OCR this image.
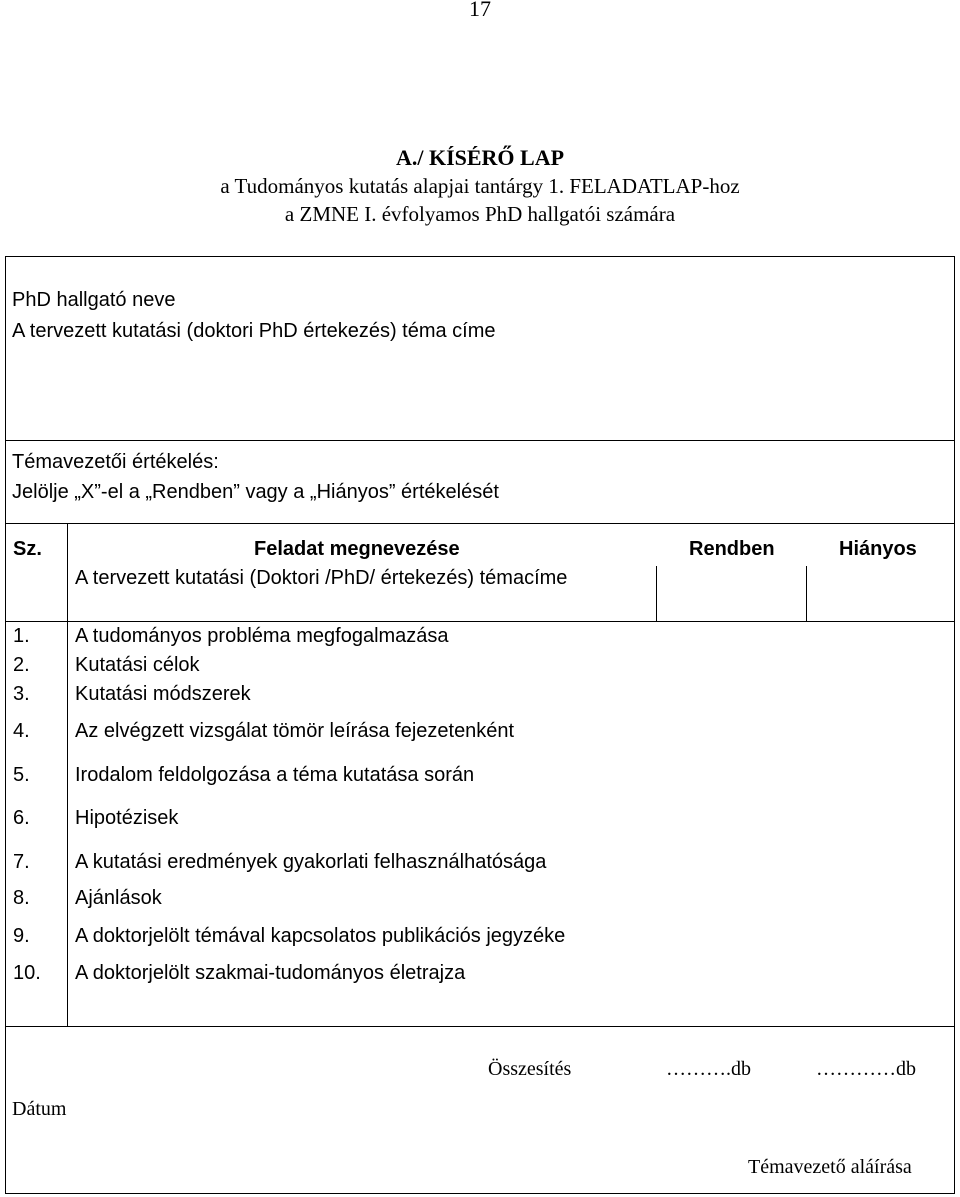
17
A./ KÍSÉRŐ LAP
a Tudományos kutatás alapjai tantárgy 1. FELADATLAP-hoz
a ZMNE I. évfolyamos PhD hallgatói számára
PhD hallgató neve
A tervezett kutatási (doktori PhD értekezés) téma címe
Témavezetői értékelés:
Jelölje „X”-el a „Rendben” vagy a „Hiányos” értékelését
Sz.	Feladat megnevezése	Rendben	Hiányos
A tervezett kutatási (Doktori /PhD/ értekezés) témacíme
1. A tudományos probléma megfogalmazása
2. Kutatási célok
3. Kutatási módszerek
4. Az elvégzett vizsgálat tömör leírása fejezetenként
5. Irodalom feldolgozása a téma kutatása során
6. Hipotézisek
7. A kutatási eredmények gyakorlati felhasználhatósága
8. Ajánlások
9. A doktorjelölt témával kapcsolatos publikációs jegyzéke
10. A doktorjelölt szakmai-tudományos életrajza
Összesítés	……….db	…………db
Dátum
Témavezető aláírása
